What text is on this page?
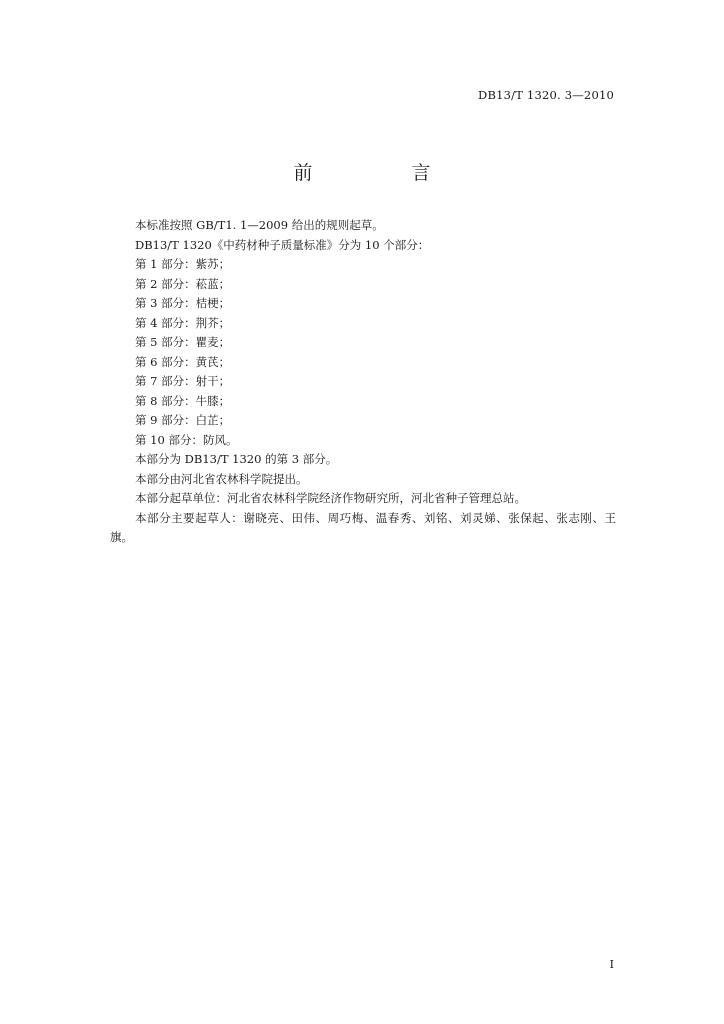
DB13/T 1320. 3—2010
前　言

本标准按照 GB/T1. 1—2009 给出的规则起草。

DB13/T 1320《中药材种子质量标准》分为 10 个部分：

第 1 部分：紫苏；

第 2 部分：菘蓝；

第 3 部分：桔梗；

第 4 部分：荆芥；

第 5 部分：瞿麦；

第 6 部分：黄芪；

第 7 部分：射干；

第 8 部分：牛膝；

第 9 部分：白芷；

第 10 部分：防风。

本部分为 DB13/T 1320 的第 3 部分。

本部分由河北省农林科学院提出。

本部分起草单位：河北省农林科学院经济作物研究所，河北省种子管理总站。

本部分主要起草人：谢晓亮、田伟、周巧梅、温春秀、刘铭、刘灵娣、张保起、张志刚、王旗。

I
